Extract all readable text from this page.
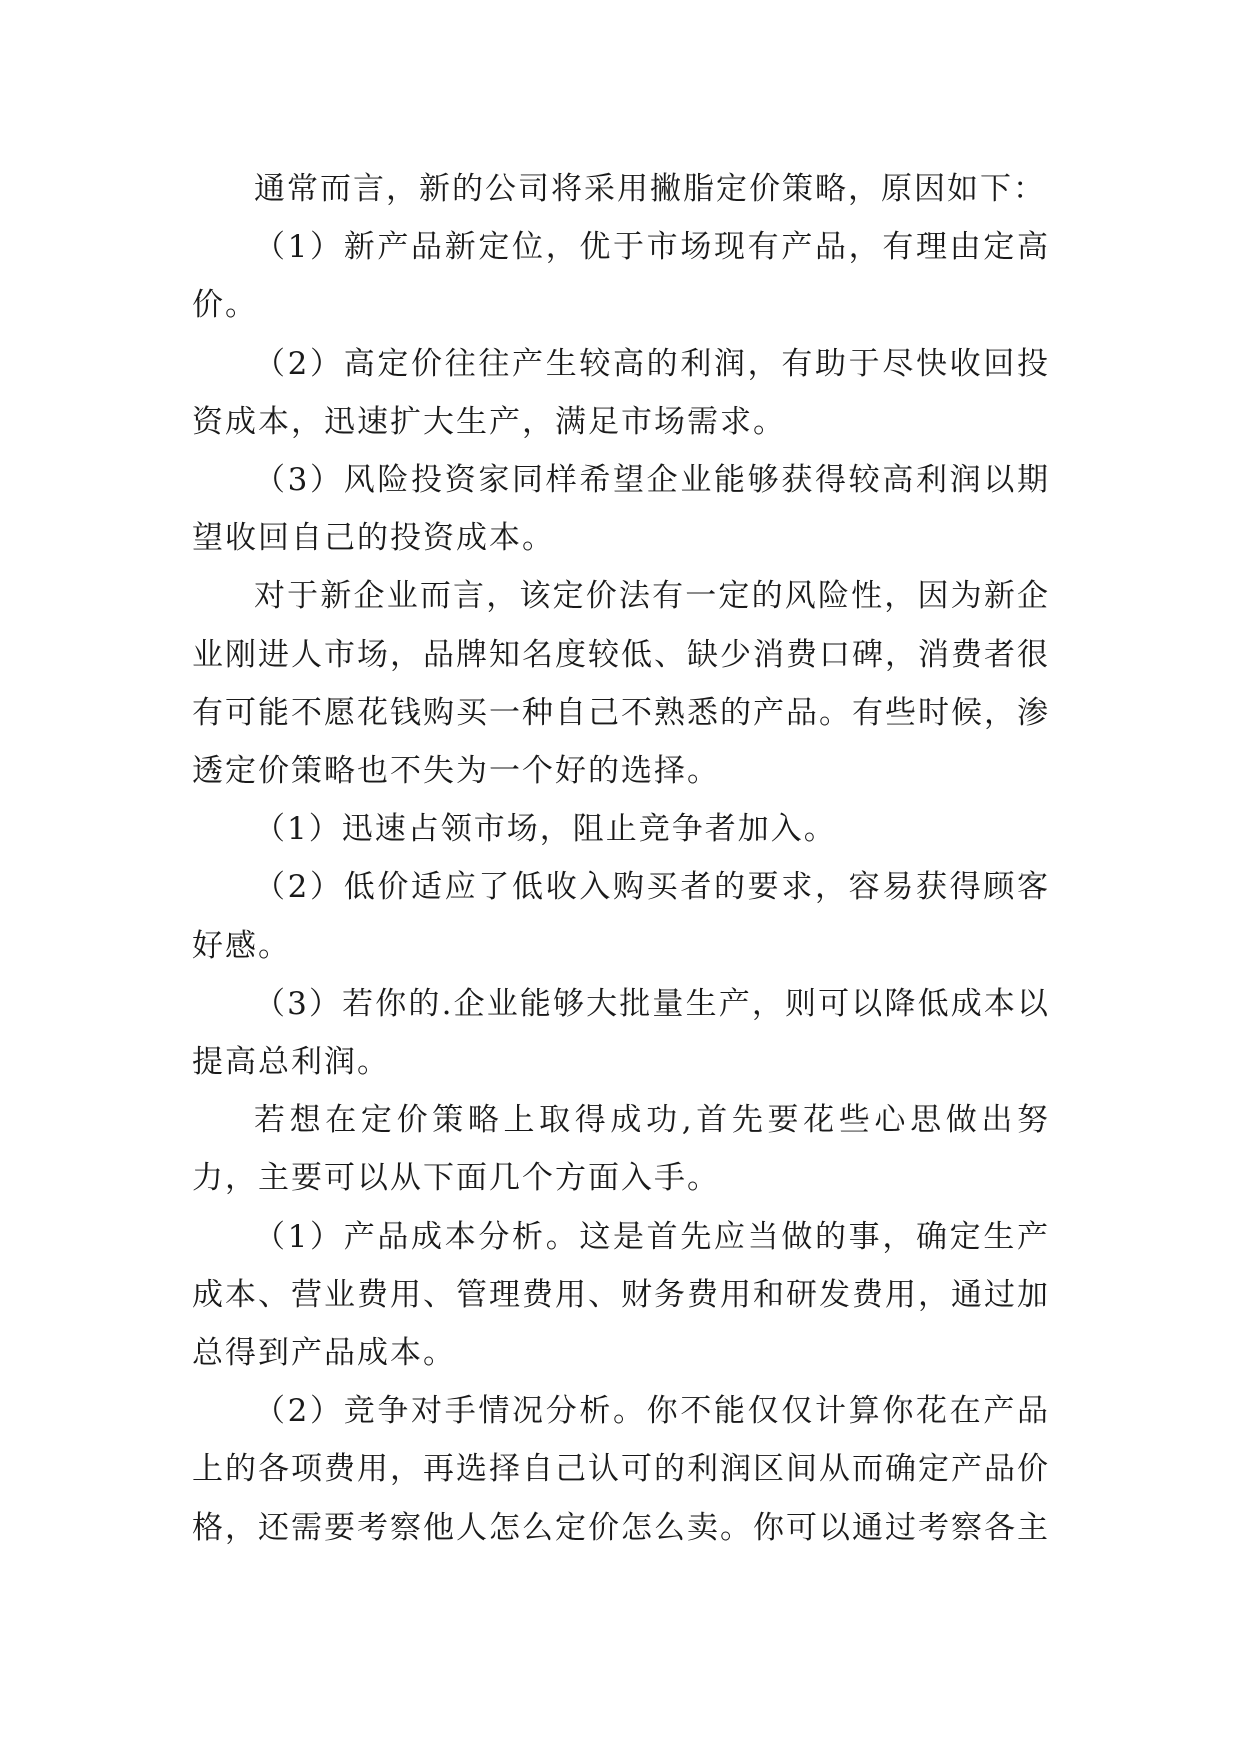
通常而言，新的公司将采用撇脂定价策略，原因如下：

（1）新产品新定位，优于市场现有产品，有理由定高价。

（2）高定价往往产生较高的利润，有助于尽快收回投资成本，迅速扩大生产，满足市场需求。

（3）风险投资家同样希望企业能够获得较高利润以期望收回自己的投资成本。

对于新企业而言，该定价法有一定的风险性，因为新企业刚进人市场，品牌知名度较低、缺少消费口碑，消费者很有可能不愿花钱购买一种自己不熟悉的产品。有些时候，渗透定价策略也不失为一个好的选择。

（1）迅速占领市场，阻止竞争者加入。

（2）低价适应了低收入购买者的要求，容易获得顾客好感。

（3）若你的.企业能够大批量生产，则可以降低成本以提高总利润。

若想在定价策略上取得成功,首先要花些心思做出努力，主要可以从下面几个方面入手。

（1）产品成本分析。这是首先应当做的事，确定生产成本、营业费用、管理费用、财务费用和研发费用，通过加总得到产品成本。

（2）竞争对手情况分析。你不能仅仅计算你花在产品上的各项费用，再选择自己认可的利润区间从而确定产品价格，还需要考察他人怎么定价怎么卖。你可以通过考察各主
